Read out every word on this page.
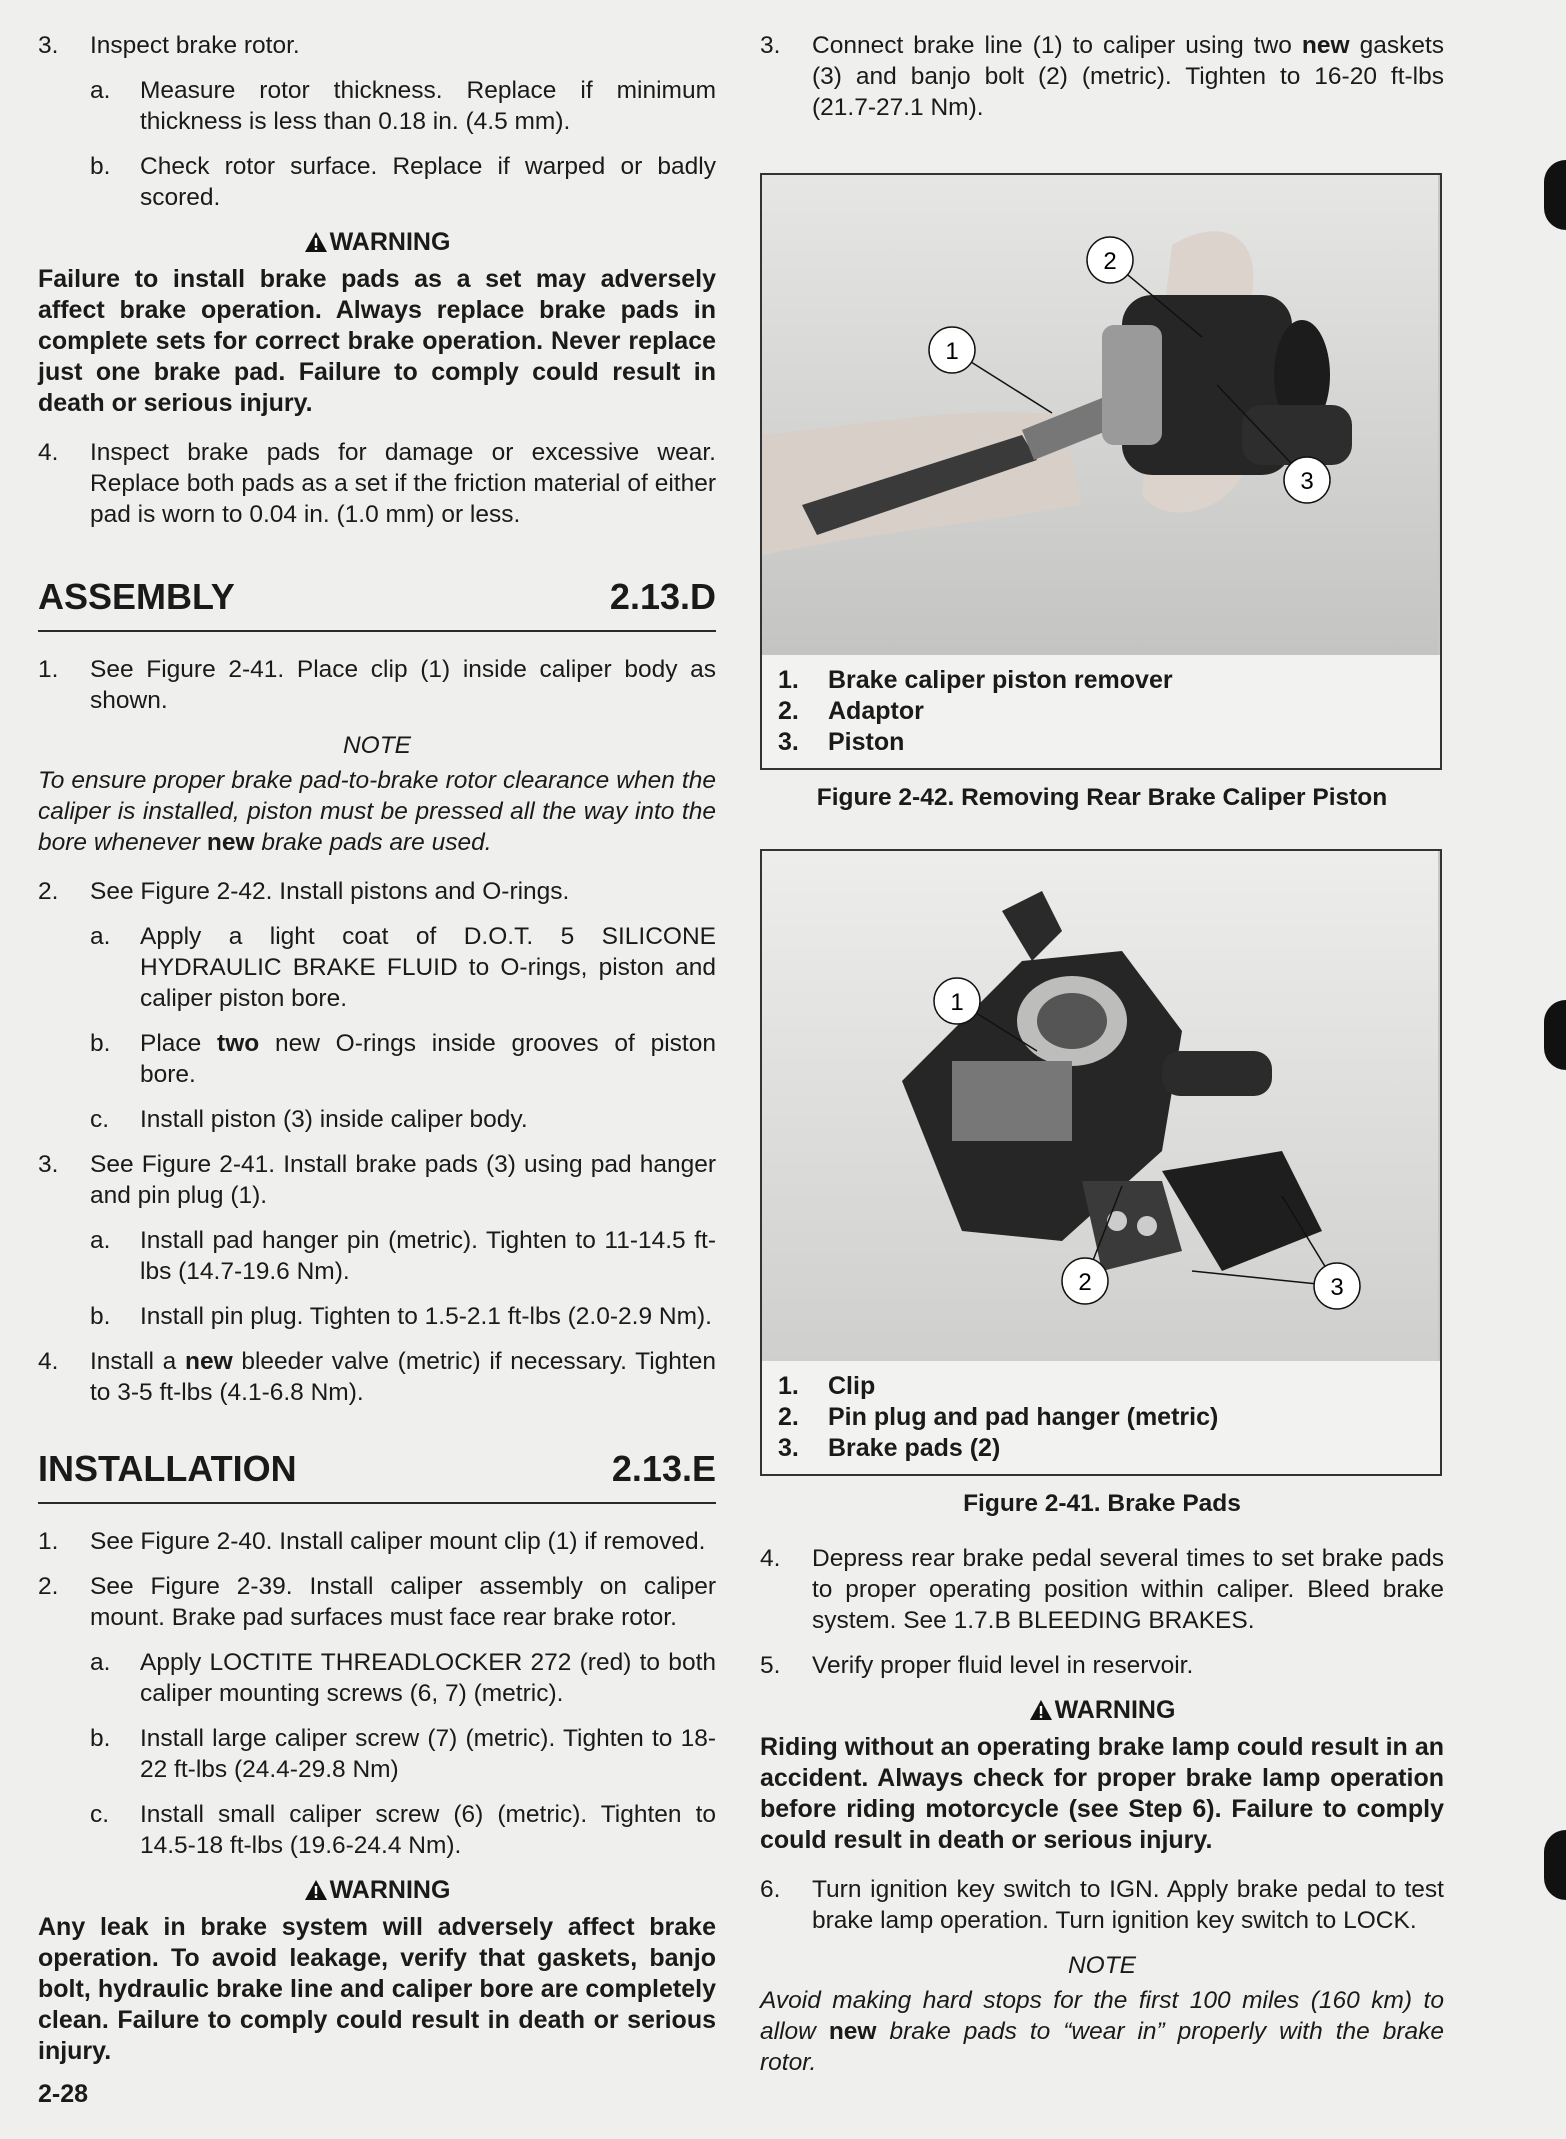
3. Inspect brake rotor.
a. Measure rotor thickness. Replace if minimum thickness is less than 0.18 in. (4.5 mm).
b. Check rotor surface. Replace if warped or badly scored.
WARNING
Failure to install brake pads as a set may adversely affect brake operation. Always replace brake pads in complete sets for correct brake operation. Never replace just one brake pad. Failure to comply could result in death or serious injury.
4. Inspect brake pads for damage or excessive wear. Replace both pads as a set if the friction material of either pad is worn to 0.04 in. (1.0 mm) or less.
ASSEMBLY	2.13.D
1. See Figure 2-41. Place clip (1) inside caliper body as shown.
NOTE
To ensure proper brake pad-to-brake rotor clearance when the caliper is installed, piston must be pressed all the way into the bore whenever new brake pads are used.
2. See Figure 2-42. Install pistons and O-rings.
a. Apply a light coat of D.O.T. 5 SILICONE HYDRAULIC BRAKE FLUID to O-rings, piston and caliper piston bore.
b. Place two new O-rings inside grooves of piston bore.
c. Install piston (3) inside caliper body.
3. See Figure 2-41. Install brake pads (3) using pad hanger and pin plug (1).
a. Install pad hanger pin (metric). Tighten to 11-14.5 ft-lbs (14.7-19.6 Nm).
b. Install pin plug. Tighten to 1.5-2.1 ft-lbs (2.0-2.9 Nm).
4. Install a new bleeder valve (metric) if necessary. Tighten to 3-5 ft-lbs (4.1-6.8 Nm).
INSTALLATION	2.13.E
1. See Figure 2-40. Install caliper mount clip (1) if removed.
2. See Figure 2-39. Install caliper assembly on caliper mount. Brake pad surfaces must face rear brake rotor.
a. Apply LOCTITE THREADLOCKER 272 (red) to both caliper mounting screws (6, 7) (metric).
b. Install large caliper screw (7) (metric). Tighten to 18-22 ft-lbs (24.4-29.8 Nm)
c. Install small caliper screw (6) (metric). Tighten to 14.5-18 ft-lbs (19.6-24.4 Nm).
WARNING
Any leak in brake system will adversely affect brake operation. To avoid leakage, verify that gaskets, banjo bolt, hydraulic brake line and caliper bore are completely clean. Failure to comply could result in death or serious injury.
2-28
3. Connect brake line (1) to caliper using two new gaskets (3) and banjo bolt (2) (metric). Tighten to 16-20 ft-lbs (21.7-27.1 Nm).
1
2
3
1. Brake caliper piston remover
2. Adaptor
3. Piston
Figure 2-42. Removing Rear Brake Caliper Piston
1
2	3
1. Clip
2. Pin plug and pad hanger (metric)
3. Brake pads (2)
Figure 2-41. Brake Pads
4. Depress rear brake pedal several times to set brake pads to proper operating position within caliper. Bleed brake system. See 1.7.B BLEEDING BRAKES.
5. Verify proper fluid level in reservoir.
WARNING
Riding without an operating brake lamp could result in an accident. Always check for proper brake lamp operation before riding motorcycle (see Step 6). Failure to comply could result in death or serious injury.
6. Turn ignition key switch to IGN. Apply brake pedal to test brake lamp operation. Turn ignition key switch to LOCK.
NOTE
Avoid making hard stops for the first 100 miles (160 km) to allow new brake pads to “wear in” properly with the brake rotor.
